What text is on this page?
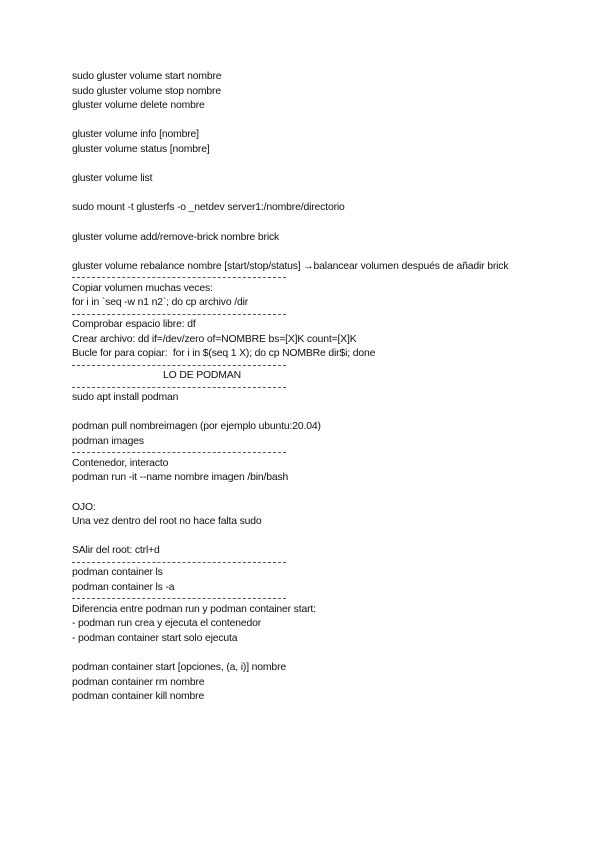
sudo gluster volume start nombre
sudo gluster volume stop nombre
gluster volume delete nombre
gluster volume info [nombre]
gluster volume status [nombre]
gluster volume list
sudo mount -t glusterfs -o _netdev server1:/nombre/directorio
gluster volume add/remove-brick nombre brick
gluster volume rebalance nombre [start/stop/status] →balancear volumen después de añadir brick
Copiar volumen muchas veces:
for i in `seq -w n1 n2`; do cp archivo /dir
Comprobar espacio libre: df
Crear archivo: dd if=/dev/zero of=NOMBRE bs=[X]K count=[X]K
Bucle for para copiar:  for i in $(seq 1 X); do cp NOMBRe dir$i; done
LO DE PODMAN
sudo apt install podman
podman pull nombreimagen (por ejemplo ubuntu:20.04)
podman images
Contenedor, interacto
podman run -it --name nombre imagen /bin/bash
OJO:
Una vez dentro del root no hace falta sudo
SAlir del root: ctrl+d
podman container ls
podman container ls -a
Diferencia entre podman run y podman container start:
- podman run crea y ejecuta el contenedor
- podman container start solo ejecuta
podman container start [opciones, (a, i)] nombre
podman container rm nombre
podman container kill nombre
